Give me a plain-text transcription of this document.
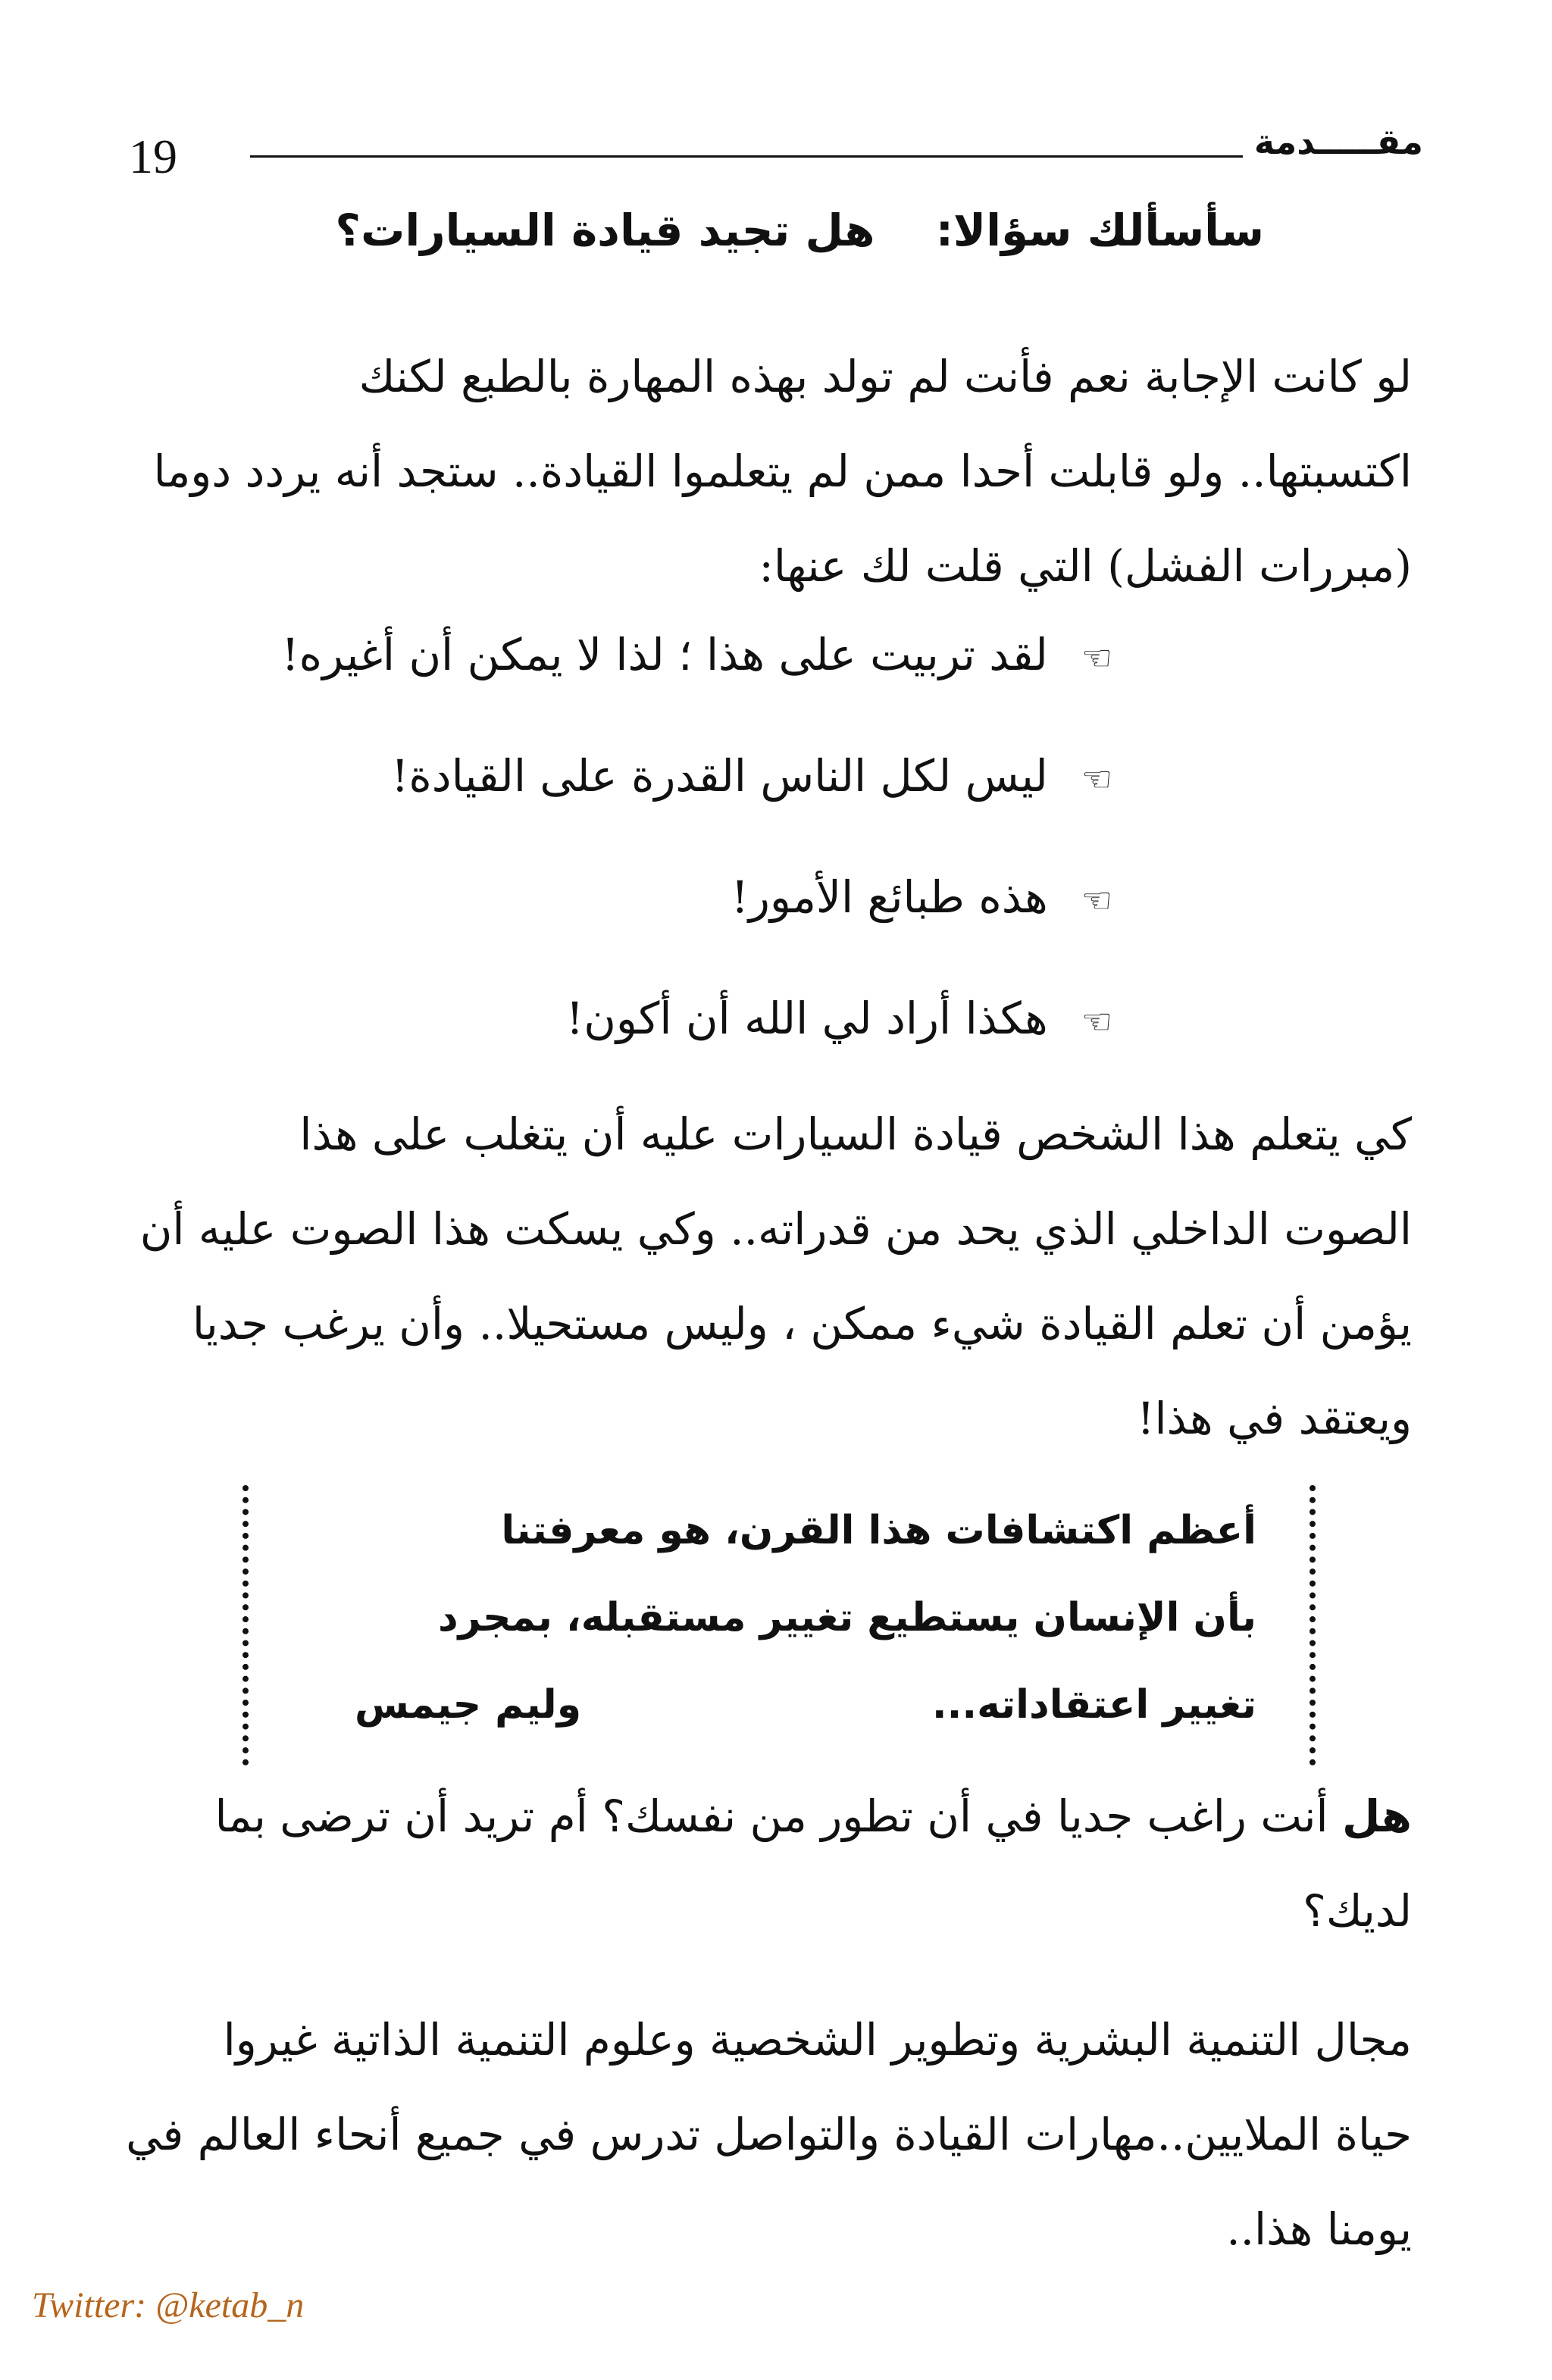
19	مقـــــدمة
سأسألك سؤالا: هل تجيد قيادة السيارات؟
لو كانت الإجابة نعم فأنت لم تولد بهذه المهارة بالطبع لكنك
اكتسبتها.. ولو قابلت أحدا ممن لم يتعلموا القيادة.. ستجد أنه يردد دوما
(مبررات الفشل) التي قلت لك عنها:
☜لقد تربيت على هذا ؛ لذا لا يمكن أن أغيره!
☜ليس لكل الناس القدرة على القيادة!
☜هذه طبائع الأمور!
☜هكذا أراد لي الله أن أكون!
كي يتعلم هذا الشخص قيادة السيارات عليه أن يتغلب على هذا
الصوت الداخلي الذي يحد من قدراته.. وكي يسكت هذا الصوت عليه أن
يؤمن أن تعلم القيادة شيء ممكن ، وليس مستحيلا.. وأن يرغب جديا
ويعتقد في هذا!
أعظم اكتشافات هذا القرن، هو معرفتنا
بأن الإنسان يستطيع تغيير مستقبله، بمجرد
تغيير اعتقاداته...
وليم جيمس
هل أنت راغب جديا في أن تطور من نفسك؟ أم تريد أن ترضى بما
لديك؟
مجال التنمية البشرية وتطوير الشخصية وعلوم التنمية الذاتية غيروا
حياة الملايين..مهارات القيادة والتواصل تدرس في جميع أنحاء العالم في
يومنا هذا..
Twitter: @ketab_n
